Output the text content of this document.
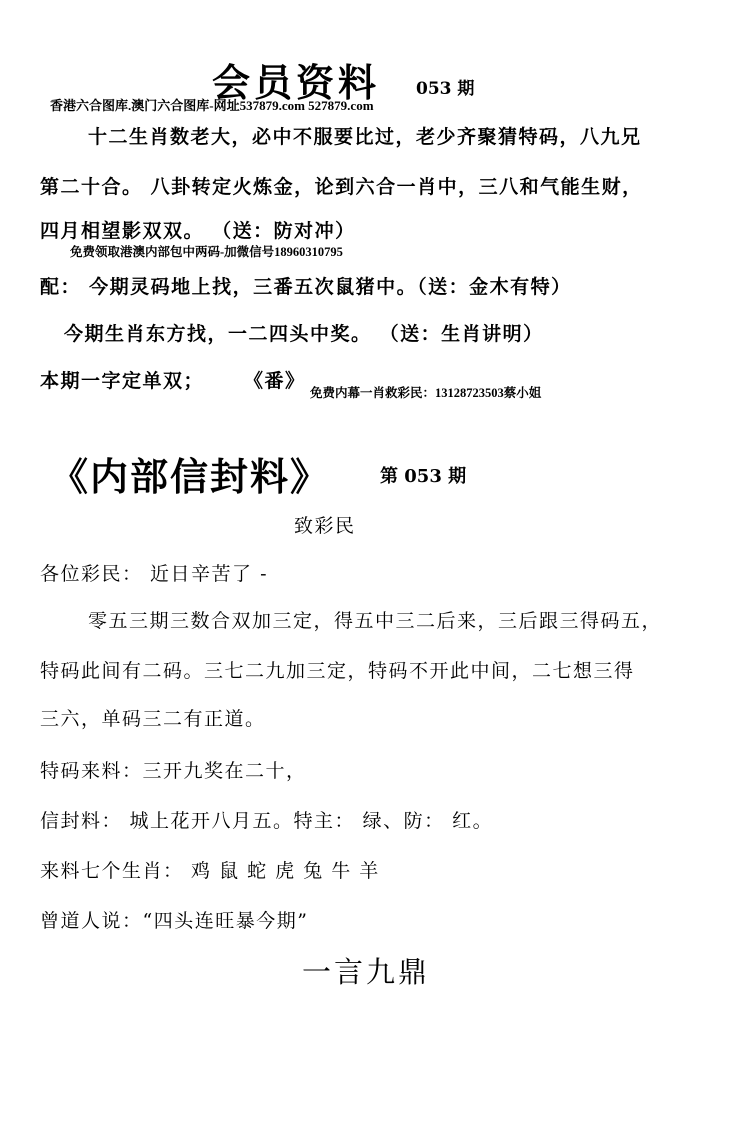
会员资料 053 期
香港六合图库.澳门六合图库-网址537879.com 527879.com
十二生肖数老大，必中不服要比过，老少齐聚猜特码，八九兄
第二十合。 八卦转定火炼金，论到六合一肖中，三八和气能生财，
四月相望影双双。 （送：防对冲）
免费领取港澳内部包中两码-加微信号18960310795
配： 今期灵码地上找，三番五次鼠猪中。（送：金木有特）
今期生肖东方找，一二四头中奖。 （送：生肖讲明）
本期一字定单双； 《番》
免费内幕一肖救彩民：13128723503蔡小姐
《内部信封料》	第 053 期
致彩民
各位彩民： 近日辛苦了 -
零五三期三数合双加三定，得五中三二后来，三后跟三得码五，
特码此间有二码。三七二九加三定，特码不开此中间，二七想三得
三六，单码三二有正道。
特码来料：三开九奖在二十，
信封料： 城上花开八月五。特主： 绿、防： 红。
来料七个生肖： 鸡 鼠 蛇 虎 兔 牛 羊
曾道人说：“四头连旺暴今期”
一言九鼎
